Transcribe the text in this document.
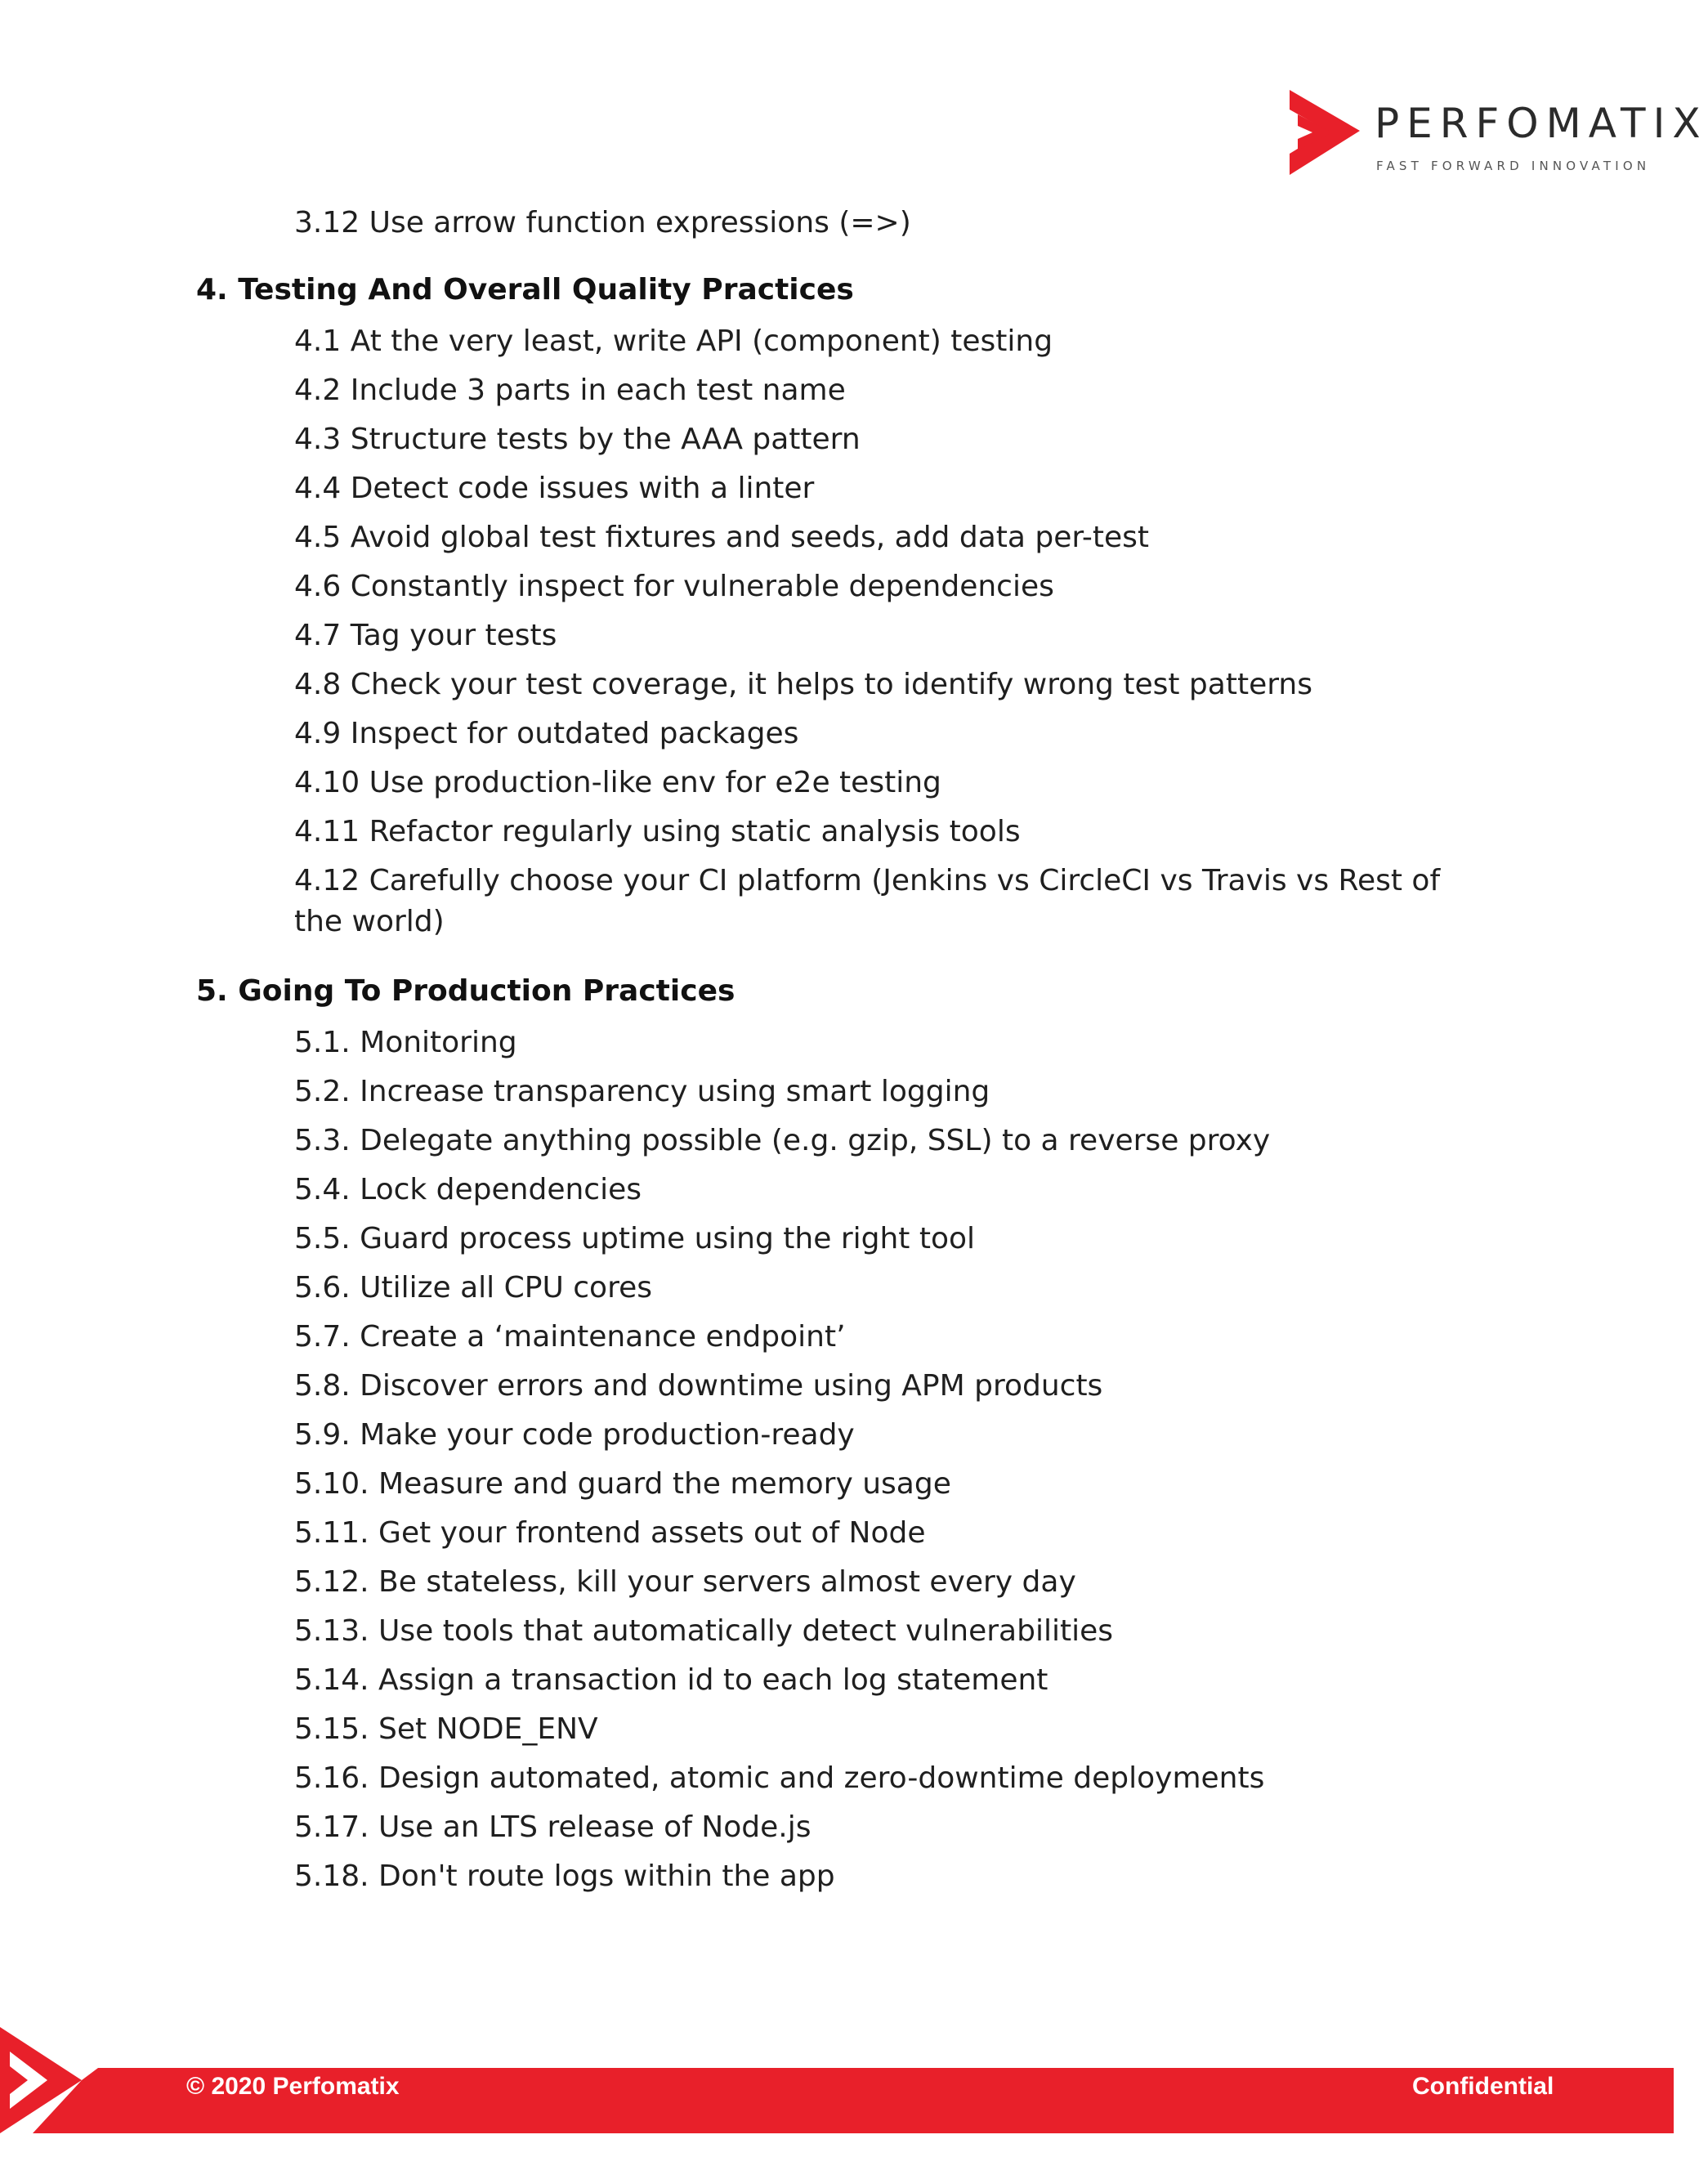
PERFOMATIX
FAST FORWARD INNOVATION
3.12 Use arrow function expressions (=>)
4. Testing And Overall Quality Practices
4.1 At the very least, write API (component) testing
4.2 Include 3 parts in each test name
4.3 Structure tests by the AAA pattern
4.4 Detect code issues with a linter
4.5 Avoid global test fixtures and seeds, add data per-test
4.6 Constantly inspect for vulnerable dependencies
4.7 Tag your tests
4.8 Check your test coverage, it helps to identify wrong test patterns
4.9 Inspect for outdated packages
4.10 Use production-like env for e2e testing
4.11 Refactor regularly using static analysis tools
4.12 Carefully choose your CI platform (Jenkins vs CircleCI vs Travis vs Rest of the world)
5. Going To Production Practices
5.1. Monitoring
5.2. Increase transparency using smart logging
5.3. Delegate anything possible (e.g. gzip, SSL) to a reverse proxy
5.4. Lock dependencies
5.5. Guard process uptime using the right tool
5.6. Utilize all CPU cores
5.7. Create a ‘maintenance endpoint’
5.8. Discover errors and downtime using APM products
5.9. Make your code production-ready
5.10. Measure and guard the memory usage
5.11. Get your frontend assets out of Node
5.12. Be stateless, kill your servers almost every day
5.13. Use tools that automatically detect vulnerabilities
5.14. Assign a transaction id to each log statement
5.15. Set NODE_ENV
5.16. Design automated, atomic and zero-downtime deployments
5.17. Use an LTS release of Node.js
5.18. Don't route logs within the app
© 2020 Perfomatix	Confidential
